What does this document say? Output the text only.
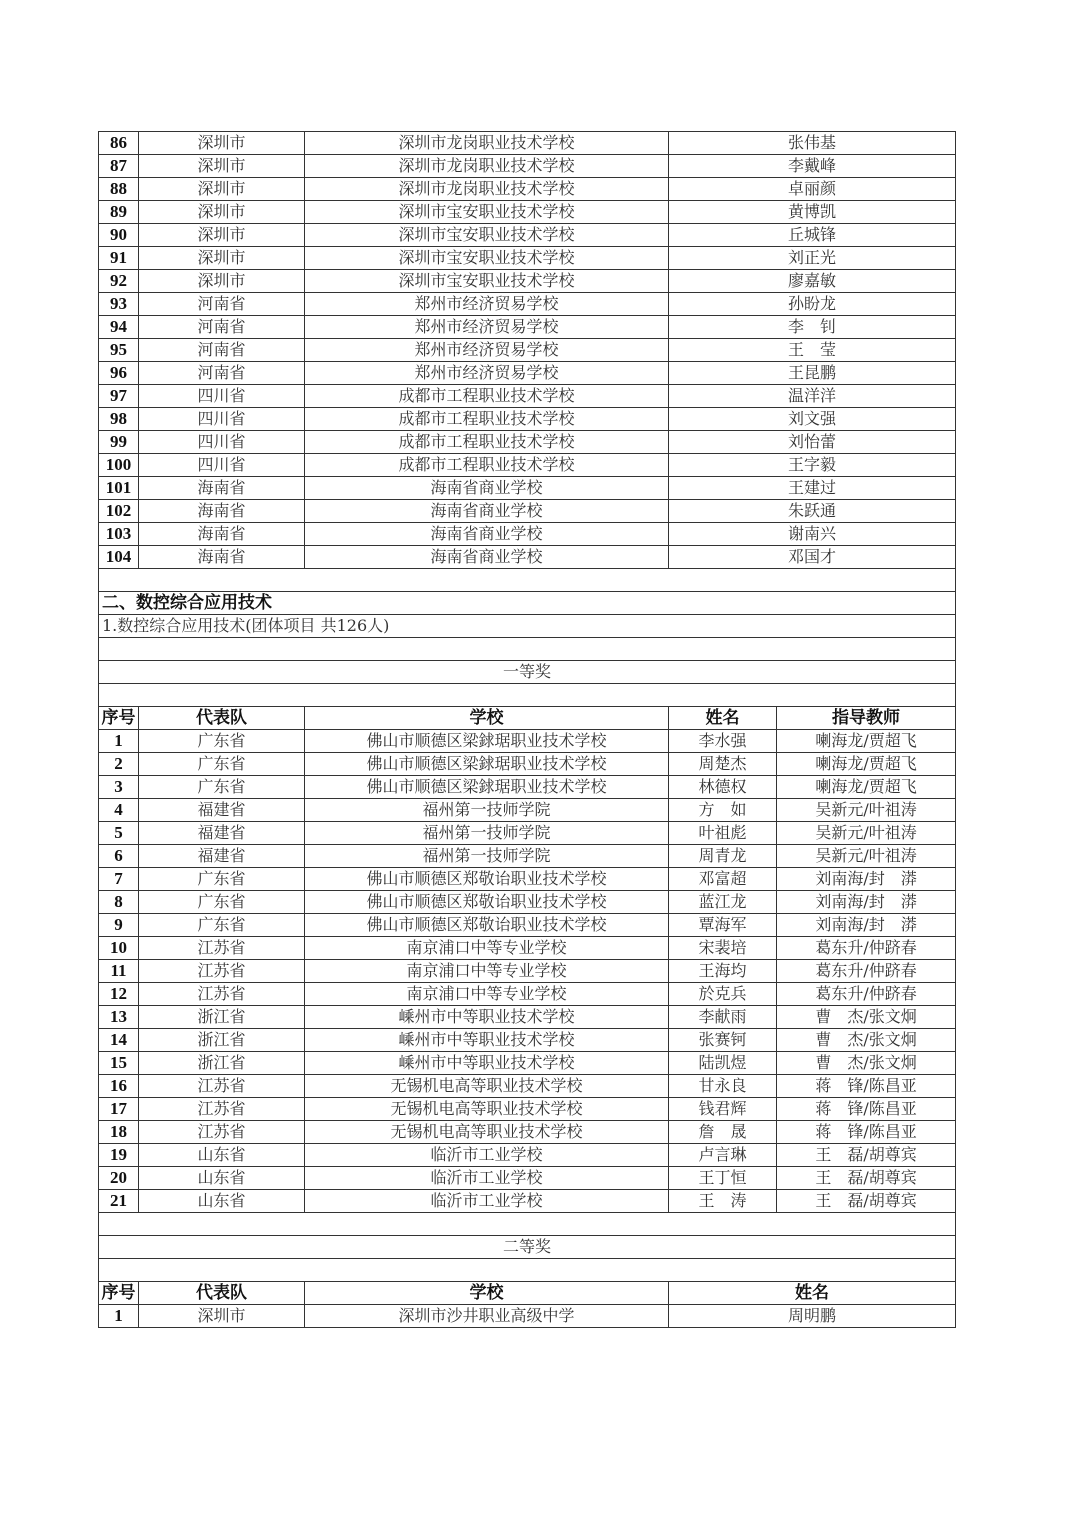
86	深圳市	深圳市龙岗职业技术学校	张伟基	
87	深圳市	深圳市龙岗职业技术学校	李戴峰	
88	深圳市	深圳市龙岗职业技术学校	卓丽颜	
89	深圳市	深圳市宝安职业技术学校	黄博凯	
90	深圳市	深圳市宝安职业技术学校	丘城锋	
91	深圳市	深圳市宝安职业技术学校	刘正光	
92	深圳市	深圳市宝安职业技术学校	廖嘉敏	
93	河南省	郑州市经济贸易学校	孙盼龙	
94	河南省	郑州市经济贸易学校	李　钊	
95	河南省	郑州市经济贸易学校	王　莹	
96	河南省	郑州市经济贸易学校	王昆鹏	
97	四川省	成都市工程职业技术学校	温洋洋	
98	四川省	成都市工程职业技术学校	刘文强	
99	四川省	成都市工程职业技术学校	刘怡蕾	
100	四川省	成都市工程职业技术学校	王字毅	
101	海南省	海南省商业学校	王建过	
102	海南省	海南省商业学校	朱跃通	
103	海南省	海南省商业学校	谢南兴	
104	海南省	海南省商业学校	邓国才	

二、数控综合应用技术				
1.数控综合应用技术(团体项目 共126人)				

一等奖				

序号	代表队	学校	姓名	指导教师
1	广东省	佛山市顺德区梁銶琚职业技术学校	李水强	喇海龙/贾超飞
2	广东省	佛山市顺德区梁銶琚职业技术学校	周楚杰	喇海龙/贾超飞
3	广东省	佛山市顺德区梁銶琚职业技术学校	林德权	喇海龙/贾超飞
4	福建省	福州第一技师学院	方　如	吴新元/叶祖涛
5	福建省	福州第一技师学院	叶祖彪	吴新元/叶祖涛
6	福建省	福州第一技师学院	周青龙	吴新元/叶祖涛
7	广东省	佛山市顺德区郑敬诒职业技术学校	邓富超	刘南海/封　漭
8	广东省	佛山市顺德区郑敬诒职业技术学校	蓝江龙	刘南海/封　漭
9	广东省	佛山市顺德区郑敬诒职业技术学校	覃海军	刘南海/封　漭
10	江苏省	南京浦口中等专业学校	宋裴培	葛东升/仲跻春
11	江苏省	南京浦口中等专业学校	王海均	葛东升/仲跻春
12	江苏省	南京浦口中等专业学校	於克兵	葛东升/仲跻春
13	浙江省	嵊州市中等职业技术学校	李献雨	曹　杰/张文炯
14	浙江省	嵊州市中等职业技术学校	张赛钶	曹　杰/张文炯
15	浙江省	嵊州市中等职业技术学校	陆凯煜	曹　杰/张文炯
16	江苏省	无锡机电高等职业技术学校	甘永良	蒋　锋/陈昌亚
17	江苏省	无锡机电高等职业技术学校	钱君辉	蒋　锋/陈昌亚
18	江苏省	无锡机电高等职业技术学校	詹　晟	蒋　锋/陈昌亚
19	山东省	临沂市工业学校	卢言琳	王　磊/胡尊宾
20	山东省	临沂市工业学校	王丁恒	王　磊/胡尊宾
21	山东省	临沂市工业学校	王　涛	王　磊/胡尊宾

二等奖				

序号	代表队	学校	姓名	
1	深圳市	深圳市沙井职业高级中学	周明鹏	
